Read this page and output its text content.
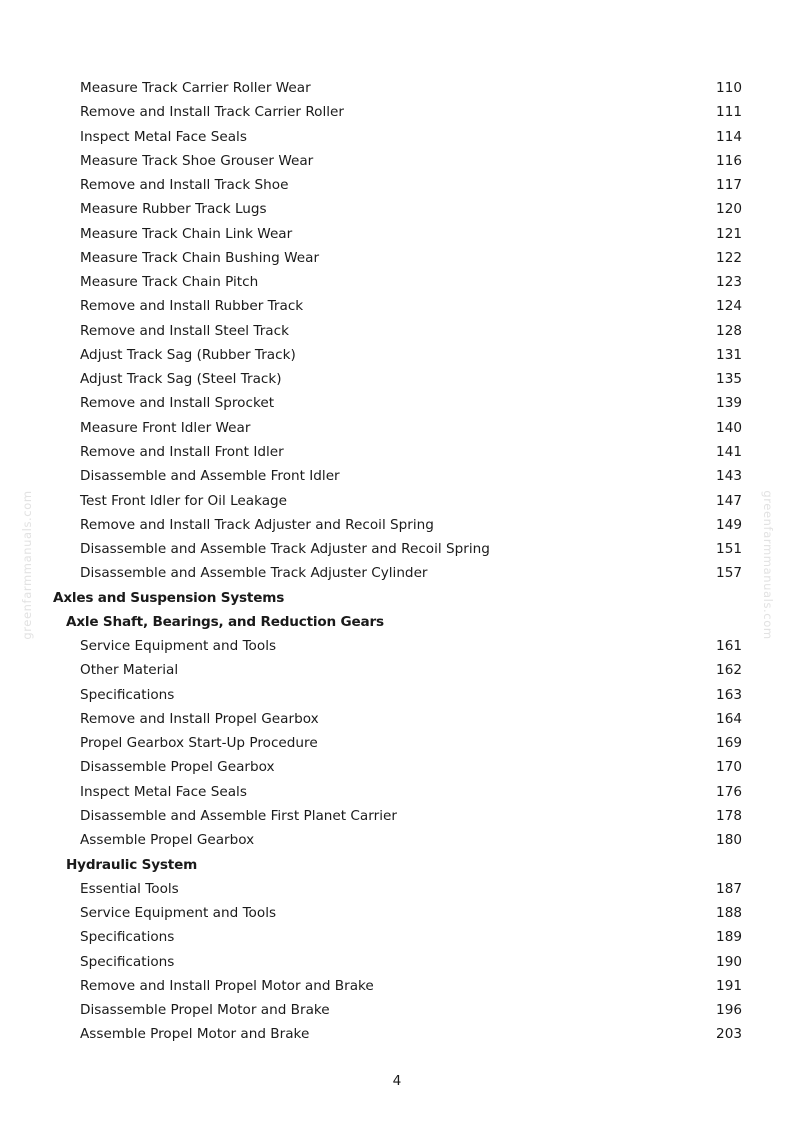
Measure Track Carrier Roller Wear	110
Remove and Install Track Carrier Roller	111
Inspect Metal Face Seals	114
Measure Track Shoe Grouser Wear	116
Remove and Install Track Shoe	117
Measure Rubber Track Lugs	120
Measure Track Chain Link Wear	121
Measure Track Chain Bushing Wear	122
Measure Track Chain Pitch	123
Remove and Install Rubber Track	124
Remove and Install Steel Track	128
Adjust Track Sag (Rubber Track)	131
Adjust Track Sag (Steel Track)	135
Remove and Install Sprocket	139
Measure Front Idler Wear	140
Remove and Install Front Idler	141
Disassemble and Assemble Front Idler	143
Test Front Idler for Oil Leakage	147
Remove and Install Track Adjuster and Recoil Spring	149
Disassemble and Assemble Track Adjuster and Recoil Spring	151
Disassemble and Assemble Track Adjuster Cylinder	157
Axles and Suspension Systems
Axle Shaft, Bearings, and Reduction Gears
Service Equipment and Tools	161
Other Material	162
Specifications	163
Remove and Install Propel Gearbox	164
Propel Gearbox Start-Up Procedure	169
Disassemble Propel Gearbox	170
Inspect Metal Face Seals	176
Disassemble and Assemble First Planet Carrier	178
Assemble Propel Gearbox	180
Hydraulic System
Essential Tools	187
Service Equipment and Tools	188
Specifications	189
Specifications	190
Remove and Install Propel Motor and Brake	191
Disassemble Propel Motor and Brake	196
Assemble Propel Motor and Brake	203
greenfarmmanuals.com	greenfarmmanuals.com
4
